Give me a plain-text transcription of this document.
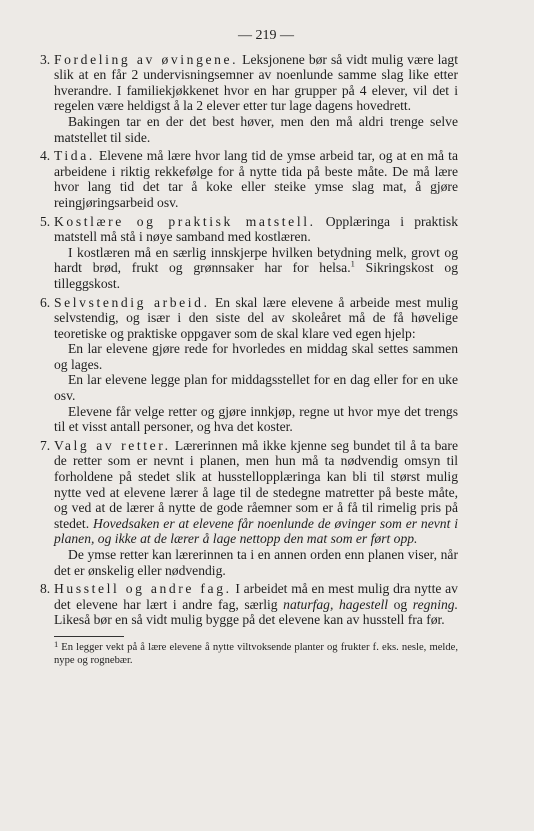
— 219 —
3. Fordeling av øvingene. Leksjonene bør så vidt mulig være lagt slik at en får 2 undervisningsemner av noenlunde samme slag like etter hverandre. I familiekjøkkenet hvor en har grupper på 4 elever, vil det i regelen være heldigst å la 2 elever etter tur lage dagens hovedrett.

Bakingen tar en der det best høver, men den må aldri trenge selve matstellet til side.

4. Tida. Elevene må lære hvor lang tid de ymse arbeid tar, og at en må ta arbeidene i riktig rekkefølge for å nytte tida på beste måte. De må lære hvor lang tid det tar å koke eller steike ymse slag mat, å gjøre reingjøringsarbeid osv.

5. Kostlære og praktisk matstell. Opplæringa i praktisk matstell må stå i nøye samband med kostlæren.

I kostlæren må en særlig innskjerpe hvilken betydning melk, grovt og hardt brød, frukt og grønnsaker har for helsa.$^1$ Sikringskost og tilleggskost.

6. Selvstendig arbeid. En skal lære elevene å arbeide mest mulig selvstendig, og især i den siste del av skoleåret må de få høvelige teoretiske og praktiske oppgaver som de skal klare ved egen hjelp:

En lar elevene gjøre rede for hvorledes en middag skal settes sammen og lages.

En lar elevene legge plan for middagsstellet for en dag eller for en uke osv.

Elevene får velge retter og gjøre innkjøp, regne ut hvor mye det trengs til et visst antall personer, og hva det koster.

7. Valg av retter. Lærerinnen må ikke kjenne seg bundet til å ta bare de retter som er nevnt i planen, men hun må ta nødvendig omsyn til forholdene på stedet slik at husstellopplæringa kan bli til størst mulig nytte ved at elevene lærer å lage til de stedegne matretter på beste måte, og ved at de lærer å nytte de gode råemner som er å få til rimelig pris på stedet. Hovedsaken er at elevene får noenlunde de øvinger som er nevnt i planen, og ikke at de lærer å lage nettopp den mat som er ført opp.

De ymse retter kan lærerinnen ta i en annen orden enn planen viser, når det er ønskelig eller nødvendig.

8. Husstell og andre fag. I arbeidet må en mest mulig dra nytte av det elevene har lært i andre fag, særlig naturfag, hagestell og regning. Likeså bør en så vidt mulig bygge på det elevene kan av husstell fra før.

$^1$ En legger vekt på å lære elevene å nytte viltvoksende planter og frukter f. eks. nesle, melde, nype og rognebær.
